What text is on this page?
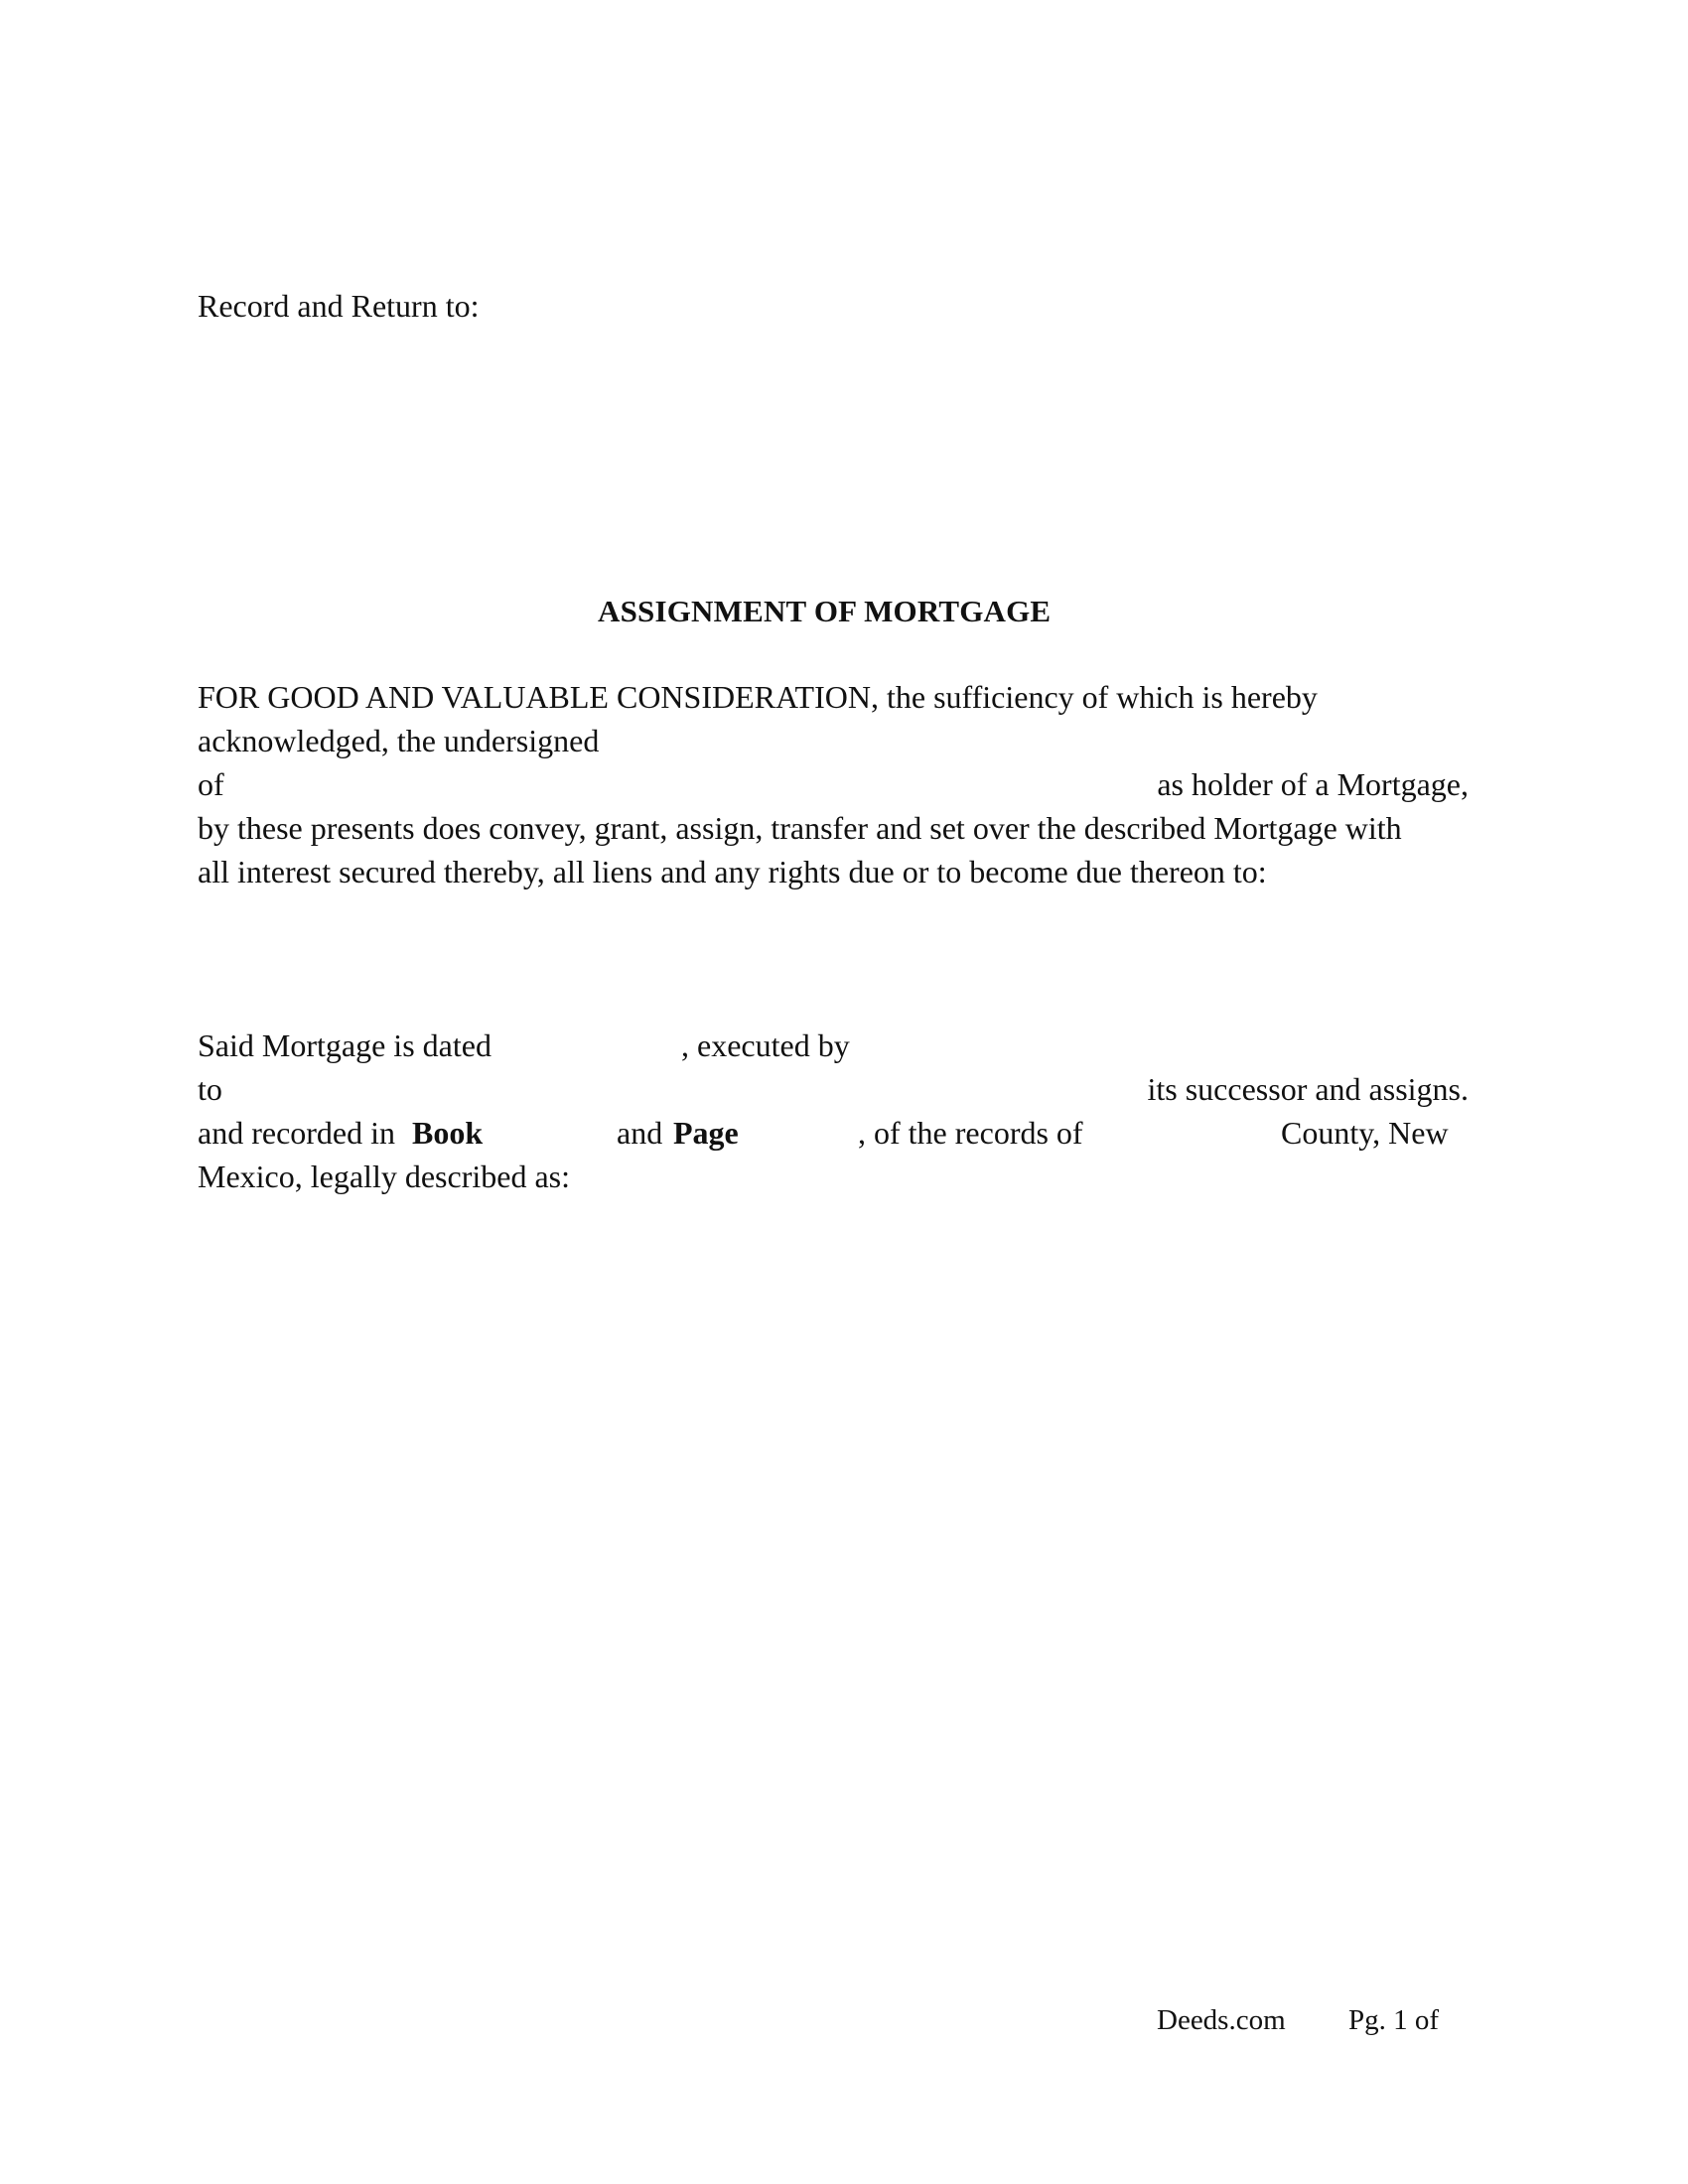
Record and Return to:
ASSIGNMENT OF MORTGAGE
FOR GOOD AND VALUABLE CONSIDERATION, the sufficiency of which is hereby
acknowledged, the undersigned
of	as holder of a Mortgage,
by these presents does convey, grant, assign, transfer and set over the described Mortgage with
all interest secured thereby, all liens and any rights due or to become due thereon to:
Said Mortgage is dated	, executed by
to	its successor and assigns.
and recorded in Book	and Page	, of the records of	County, New
Mexico, legally described as:
Deeds.com Pg. 1 of
